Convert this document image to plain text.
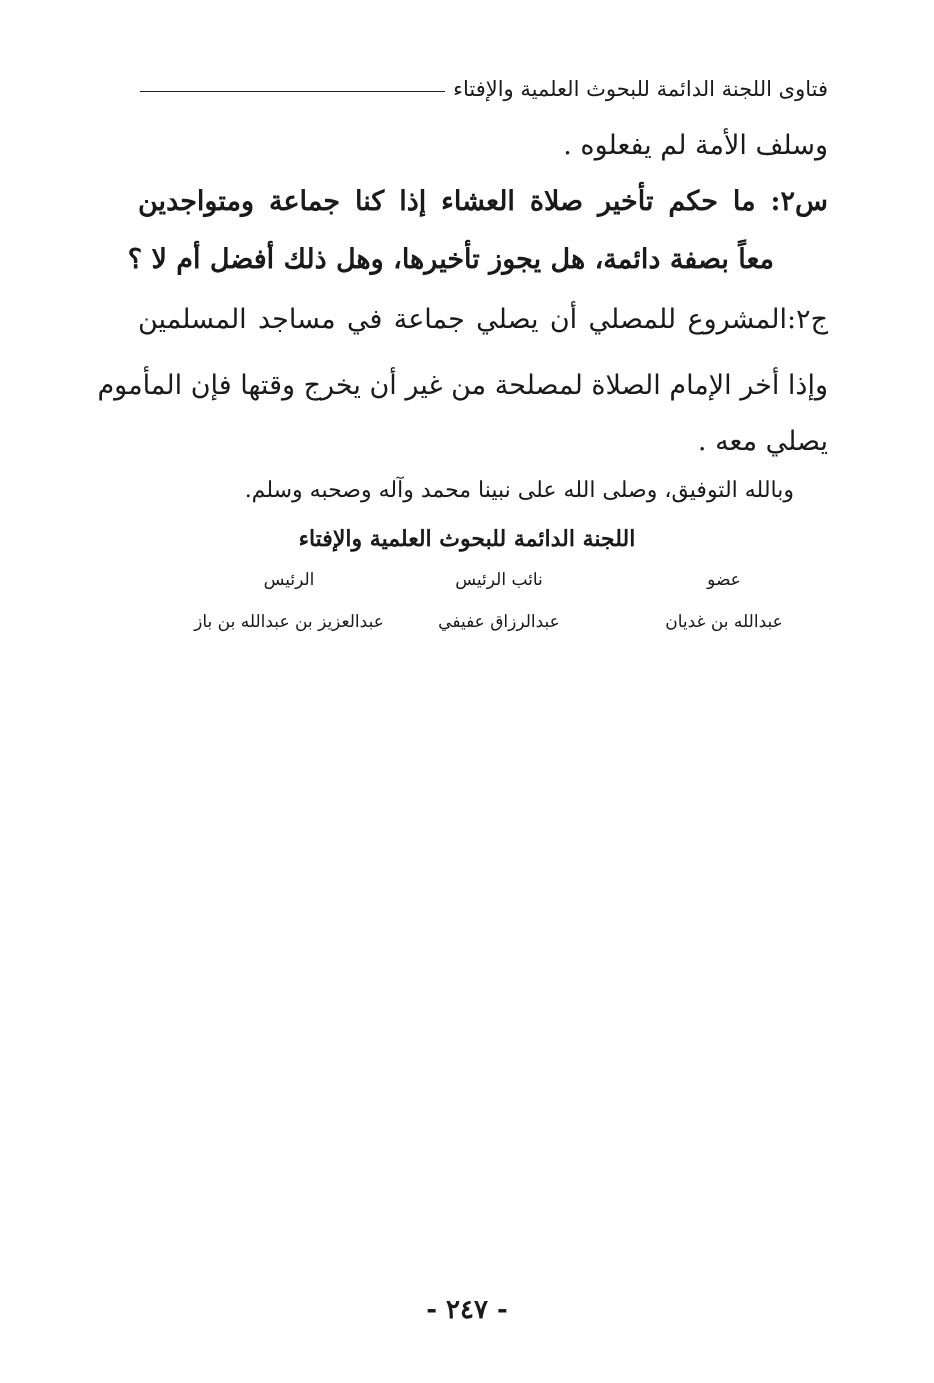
فتاوى اللجنة الدائمة للبحوث العلمية والإفتاء
وسلف الأمة لم يفعلوه .
س٢: ما حكم تأخير صلاة العشاء إذا كنا جماعة ومتواجدين
معاً بصفة دائمة، هل يجوز تأخيرها، وهل ذلك أفضل أم لا ؟
ج٢:المشروع للمصلي أن يصلي جماعة في مساجد المسلمين
وإذا أخر الإمام الصلاة لمصلحة من غير أن يخرج وقتها فإن المأموم
يصلي معه .
وبالله التوفيق، وصلى الله على نبينا محمد وآله وصحبه وسلم.
اللجنة الدائمة للبحوث العلمية والإفتاء
عضو
عبدالله بن غديان
نائب الرئيس
عبدالرزاق عفيفي
الرئيس
عبدالعزيز بن عبدالله بن باز
- ٢٤٧ -
